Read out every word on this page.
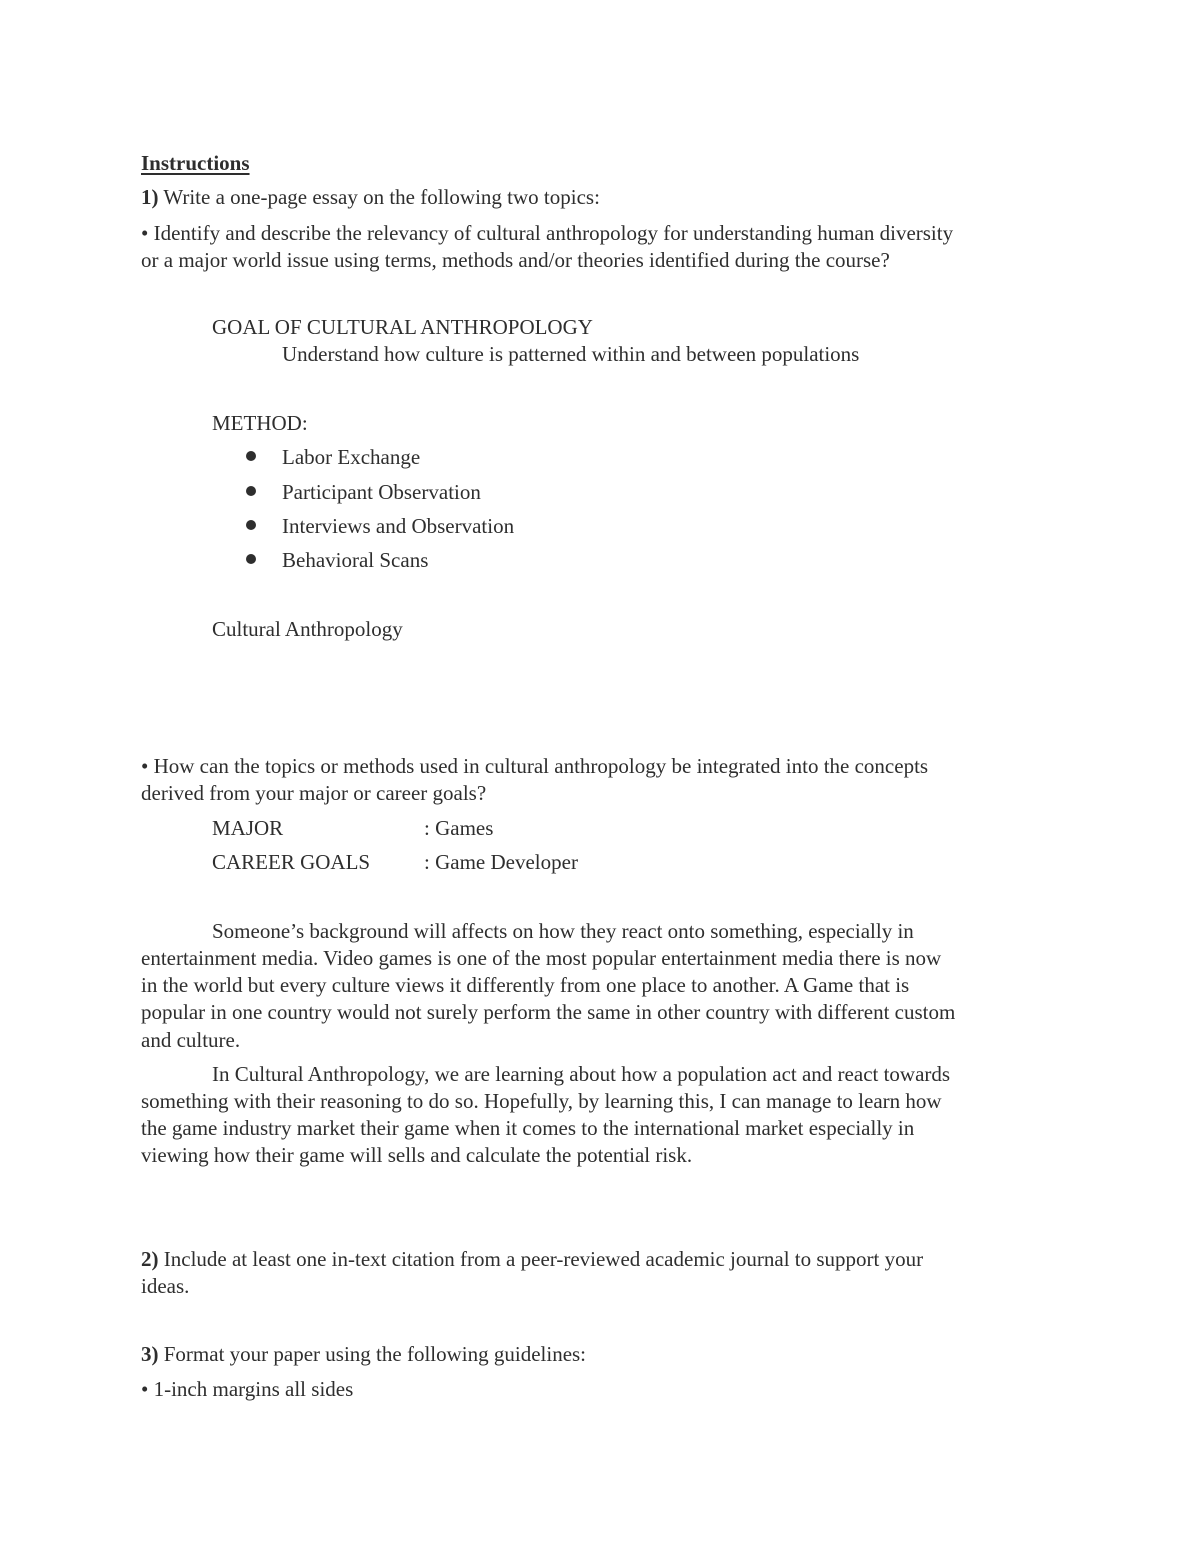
Instructions

1) Write a one-page essay on the following two topics:

• Identify and describe the relevancy of cultural anthropology for understanding human diversity

or a major world issue using terms, methods and/or theories identified during the course?

GOAL OF CULTURAL ANTHROPOLOGY

Understand how culture is patterned within and between populations

METHOD:

Labor Exchange

Participant Observation

Interviews and Observation

Behavioral Scans

Cultural Anthropology

• How can the topics or methods used in cultural anthropology be integrated into the concepts

derived from your major or career goals?

MAJOR	: Games

CAREER GOALS	: Game Developer

Someone’s background will affects on how they react onto something, especially in

entertainment media. Video games is one of the most popular entertainment media there is now

in the world but every culture views it differently from one place to another. A Game that is

popular in one country would not surely perform the same in other country with different custom

and culture.

In Cultural Anthropology, we are learning about how a population act and react towards

something with their reasoning to do so. Hopefully, by learning this, I can manage to learn how

the game industry market their game when it comes to the international market especially in

viewing how their game will sells and calculate the potential risk.

2) Include at least one in-text citation from a peer-reviewed academic journal to support your

ideas.

3) Format your paper using the following guidelines:

• 1-inch margins all sides
